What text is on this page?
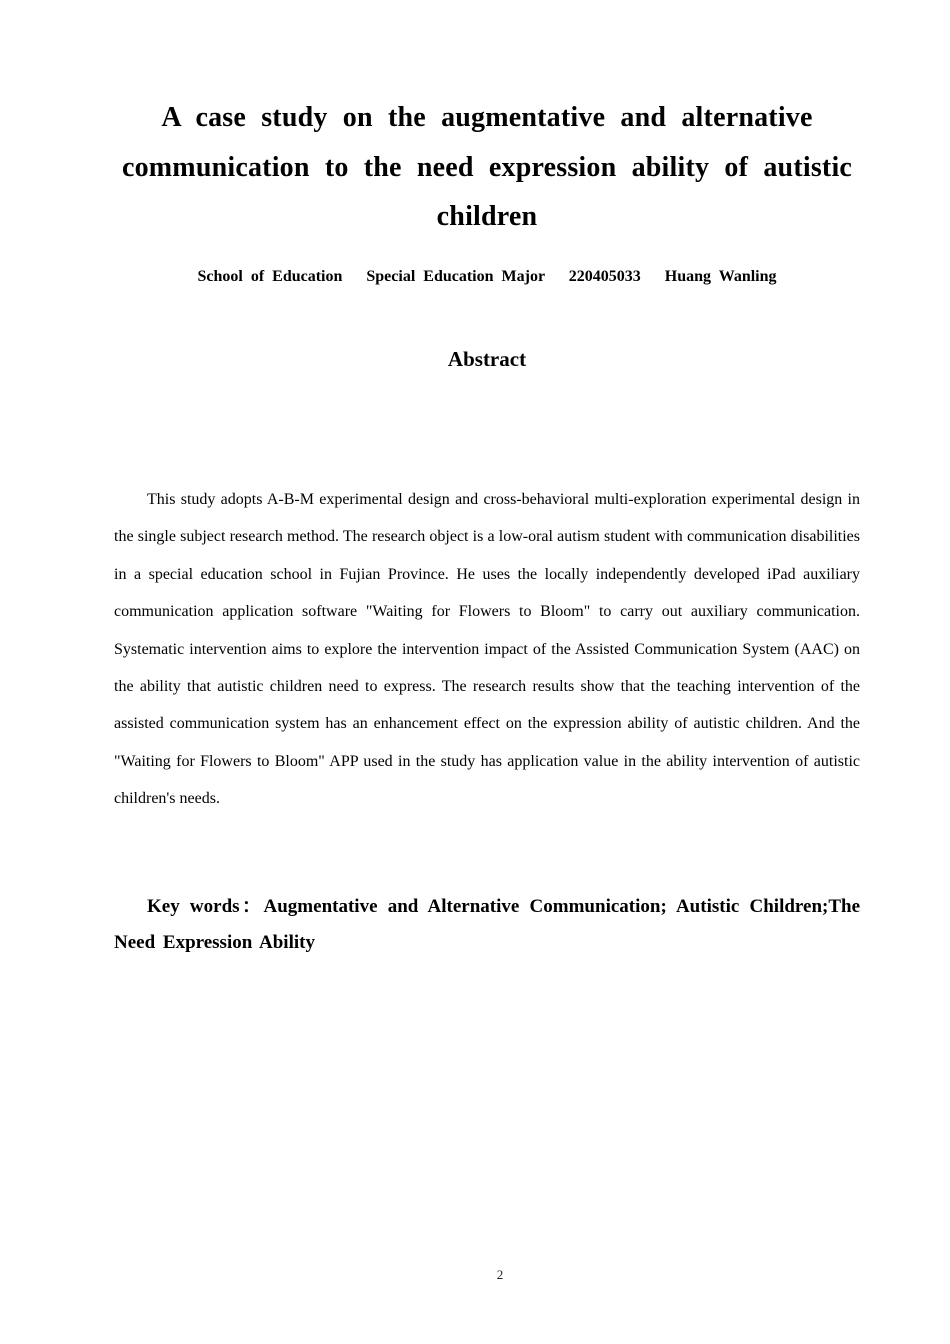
A case study on the augmentative and alternative communication to the need expression ability of autistic children

School of Education   Special Education Major   220405033   Huang Wanling

Abstract

This study adopts A-B-M experimental design and cross-behavioral multi-exploration experimental design in the single subject research method. The research object is a low-oral autism student with communication disabilities in a special education school in Fujian Province. He uses the locally independently developed iPad auxiliary communication application software "Waiting for Flowers to Bloom" to carry out auxiliary communication. Systematic intervention aims to explore the intervention impact of the Assisted Communication System (AAC) on the ability that autistic children need to express. The research results show that the teaching intervention of the assisted communication system has an enhancement effect on the expression ability of autistic children. And the "Waiting for Flowers to Bloom" APP used in the study has application value in the ability intervention of autistic children's needs.

Key words：Augmentative and Alternative Communication; Autistic Children;The Need Expression Ability

2
